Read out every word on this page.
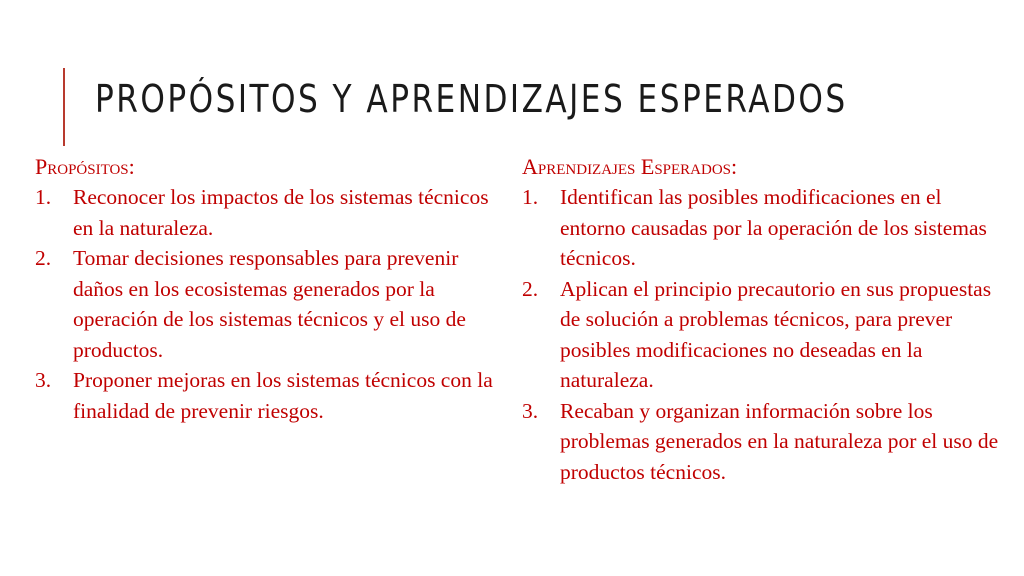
PROPÓSITOS Y APRENDIZAJES ESPERADOS

Propósitos:

1.	Reconocer los impactos de los sistemas técnicos en la naturaleza.
2.	Tomar decisiones responsables para prevenir daños en los ecosistemas generados por la operación de los sistemas técnicos y el uso de productos.
3.	Proponer mejoras en los sistemas técnicos con la finalidad de prevenir riesgos.

Aprendizajes Esperados:

1.	Identifican las posibles modificaciones en el entorno causadas por la operación de los sistemas técnicos.
2.	Aplican el principio precautorio en sus propuestas de solución a problemas técnicos, para prever posibles modificaciones no deseadas en la naturaleza.
3.	Recaban y organizan información sobre los problemas generados en la naturaleza por el uso de productos técnicos.
